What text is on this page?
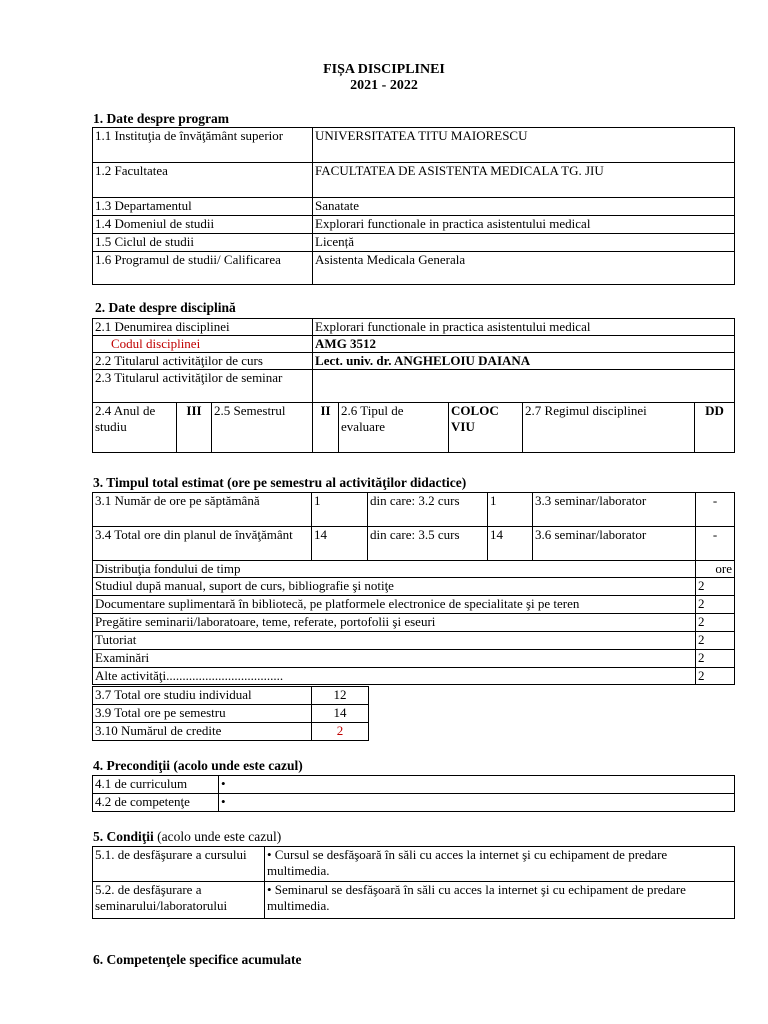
FIȘA DISCIPLINEI
2021 - 2022
1. Date despre program
1.1 Instituţia de învăţământ superior	UNIVERSITATEA TITU MAIORESCU
1.2 Facultatea	FACULTATEA DE ASISTENTA MEDICALA TG. JIU
1.3 Departamentul	Sanatate
1.4 Domeniul de studii	Explorari functionale in practica asistentului medical
1.5 Ciclul de studii	Licență
1.6 Programul de studii/ Calificarea	Asistenta Medicala Generala
2. Date despre disciplină
2.1 Denumirea disciplinei			Explorari functionale in practica asistentului medical				
Codul disciplinei			AMG 3512				
2.2 Titularul activităţilor de curs			Lect. univ. dr. ANGHELOIU DAIANA				
2.3 Titularul activităţilor de seminar							
2.4 Anul de studiu	III	2.5 Semestrul	II	2.6 Tipul de evaluare	COLOC VIU	2.7 Regimul disciplinei	DD
3. Timpul total estimat (ore pe semestru al activităţilor didactice)
3.1 Număr de ore pe săptămână	1	din care: 3.2 curs	1	3.3 seminar/laborator	-
3.4 Total ore din planul de învăţământ	14	din care: 3.5 curs	14	3.6 seminar/laborator	-
Distribuţia fondului de timp					ore
Studiul după manual, suport de curs, bibliografie şi notiţe					2
Documentare suplimentară în bibliotecă, pe platformele electronice de specialitate şi pe teren					2
Pregătire seminarii/laboratoare, teme, referate, portofolii şi eseuri					2
Tutoriat					2
Examinări					2
Alte activităţi....................................					2
3.7 Total ore studiu individual	12
3.9 Total ore pe semestru	14
3.10 Numărul de credite	2
4. Precondiţii (acolo unde este cazul)
4.1 de curriculum	•
4.2 de competenţe	•
5. Condiţii (acolo unde este cazul)
5.1. de desfăşurare a cursului	• Cursul se desfăşoară în săli cu acces la internet şi cu echipament de predare multimedia.
5.2. de desfăşurare a seminarului/laboratorului	• Seminarul se desfăşoară în săli cu acces la internet şi cu echipament de predare multimedia.
6. Competenţele specifice acumulate
